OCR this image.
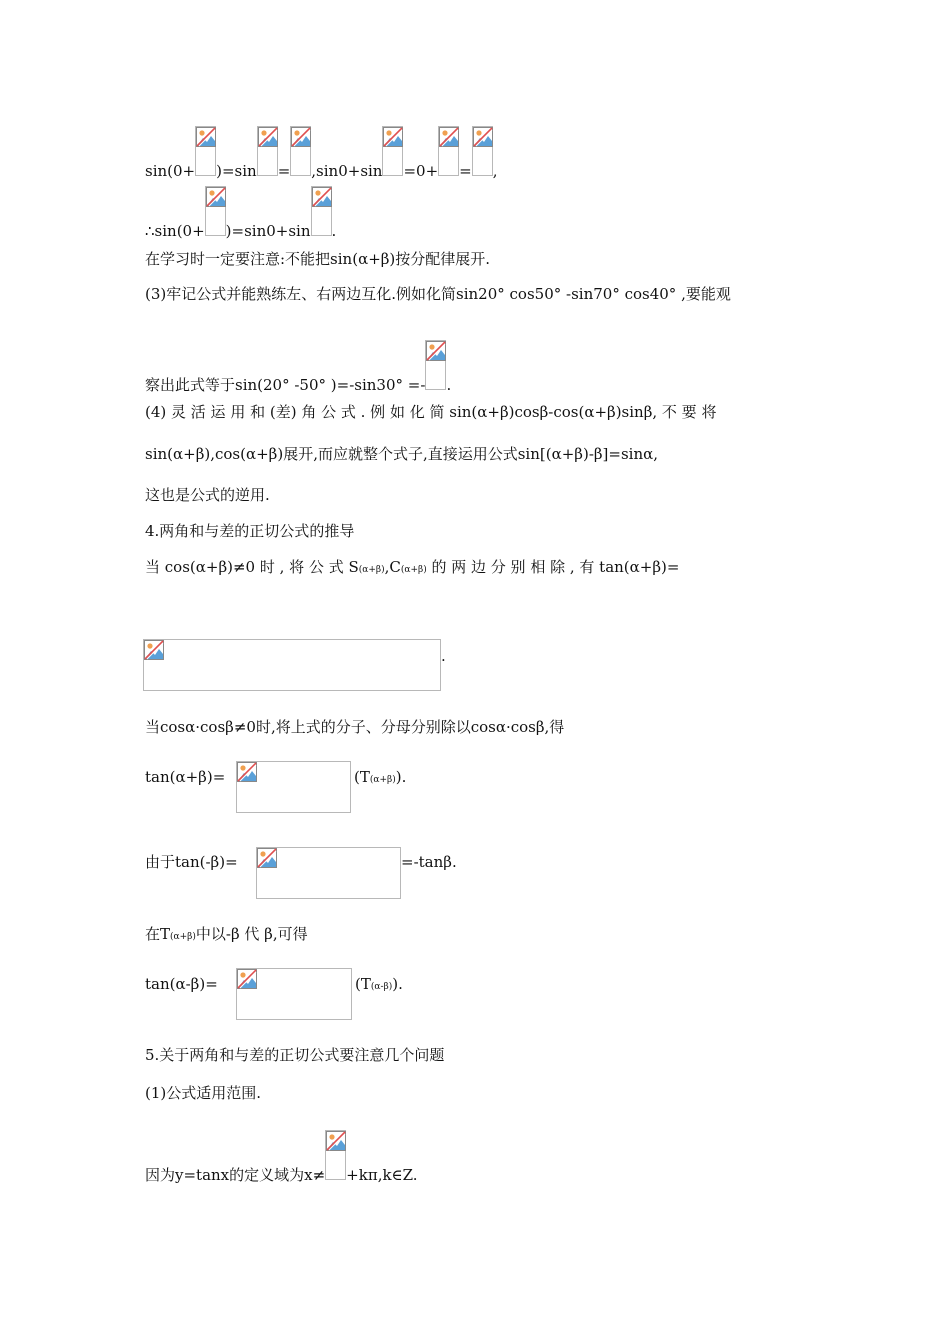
sin(0+ )=sin = ,sin0+sin =0+ = ,
∴sin(0+ )=sin0+sin .
在学习时一定要注意:不能把sin(α+β)按分配律展开.
(3)牢记公式并能熟练左、右两边互化.例如化简sin20° cos50° -sin70° cos40° ,要能观
察出此式等于sin(20° -50° )=-sin30° =- .
(4) 灵 活 运 用 和 (差) 角 公 式 . 例 如 化 简 sin(α+β)cosβ-cos(α+β)sinβ, 不 要 将
sin(α+β),cos(α+β)展开,而应就整个式子,直接运用公式sin[(α+β)-β]=sinα,
这也是公式的逆用.
4.两角和与差的正切公式的推导
当 cos(α+β)≠0 时 , 将 公 式 S(α+β),C(α+β) 的 两 边 分 别 相 除 , 有 tan(α+β)=
.
当cosα·cosβ≠0时,将上式的分子、分母分别除以cosα·cosβ,得
tan(α+β)=	(T(α+β)).
由于tan(-β)=	=-tanβ.
在T(α+β)中以-β 代 β,可得
tan(α-β)=	(T(α-β)).
5.关于两角和与差的正切公式要注意几个问题
(1)公式适用范围.
因为y=tanx的定义域为x≠ +kπ,k∈Z.
